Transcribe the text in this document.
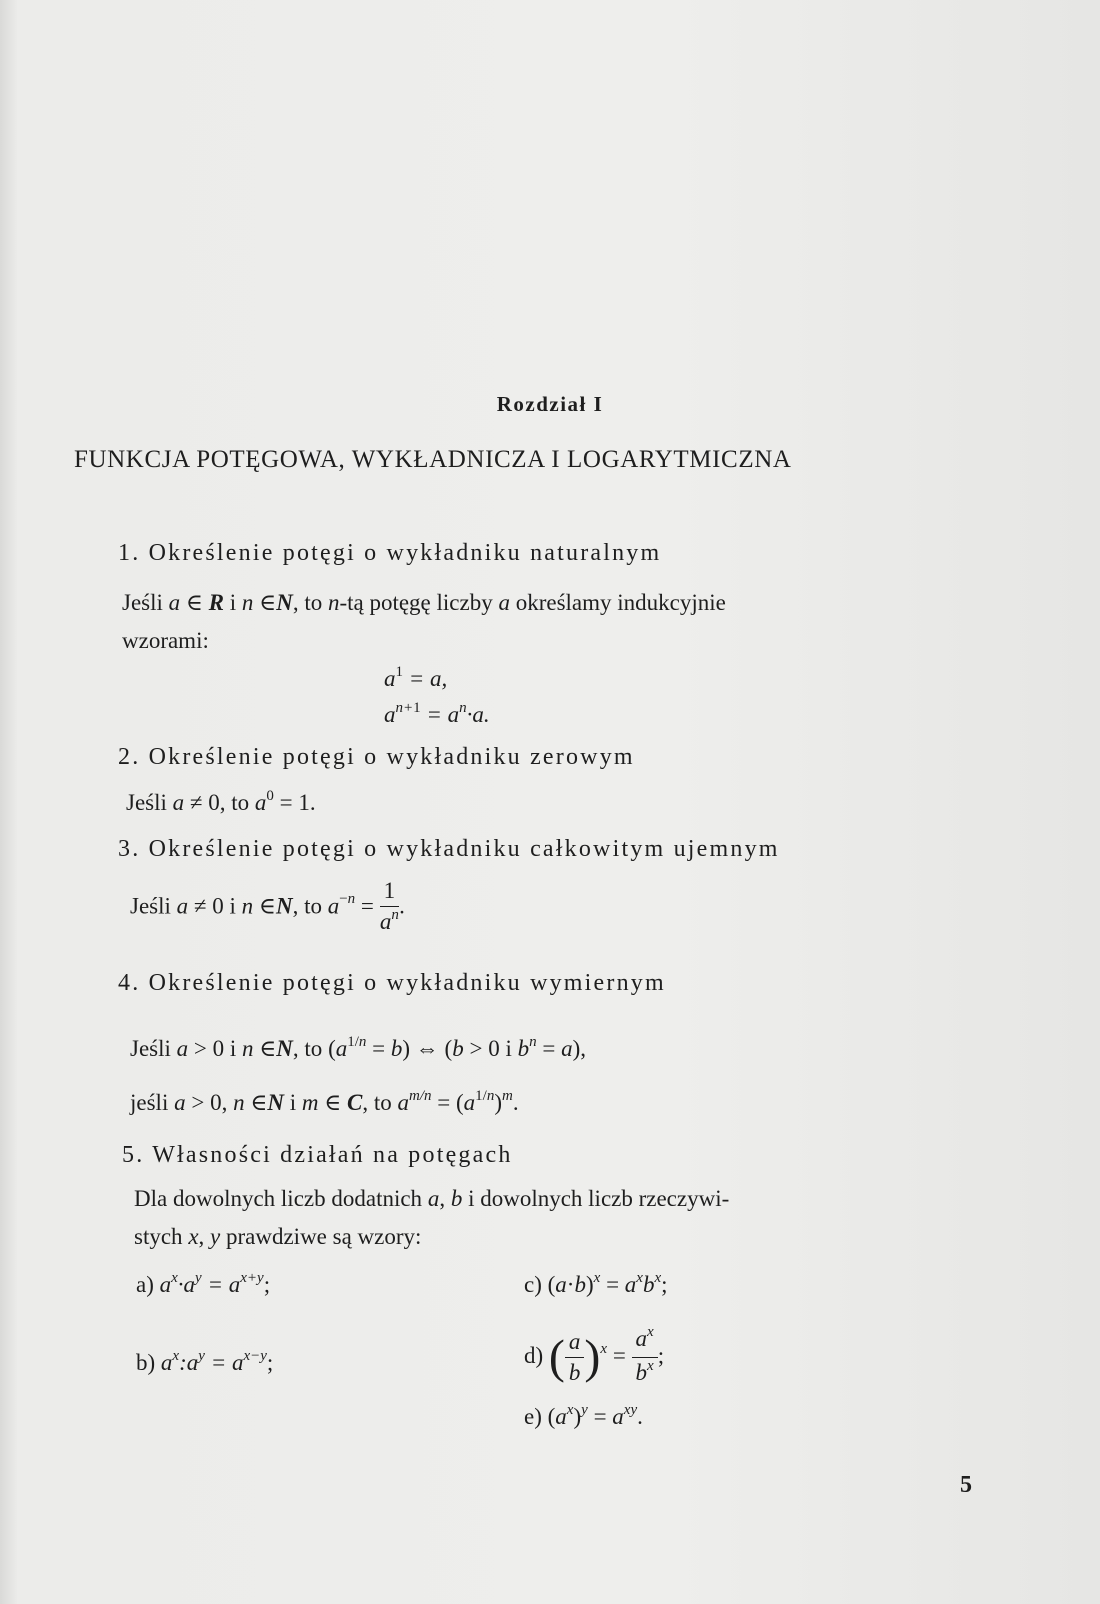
Rozdział I
FUNKCJA POTĘGOWA, WYKŁADNICZA I LOGARYTMICZNA
1. Określenie potęgi o wykładniku naturalnym
Jeśli a ∈ R i n ∈N, to n-tą potęgę liczby a określamy indukcyjnie
wzorami:
$a^1 = a$,
$a^{n+1} = a^n\cdot a$.
2. Określenie potęgi o wykładniku zerowym
Jeśli a ≠ 0, to $a^0 = 1$.
3. Określenie potęgi o wykładniku całkowitym ujemnym
Jeśli a ≠ 0 i n ∈N, to $a^{-n} = \frac{1}{a^n}$ .
4. Określenie potęgi o wykładniku wymiernym
Jeśli a > 0 i n ∈N, to $(a^{1/n} = b)$ ⇔ (b > 0 i $b^n = a$),
jeśli a > 0, n ∈N i m ∈ C, to $a^{m/n} = (a^{1/n})^m$.
5. Własności działań na potęgach
Dla dowolnych liczb dodatnich a, b i dowolnych liczb rzeczywi-
stych x, y prawdziwe są wzory:
a) $a^x\cdot a^y = a^{x+y}$;
b) $a^x:a^y = a^{x-y}$;
c) $(a\cdot b)^x = a^xb^x$;
d) ( $\frac{a}{b} )^x = \frac{a^x}{b^x}$ ;
e) $(a^x)^y = a^{xy}$.
5
